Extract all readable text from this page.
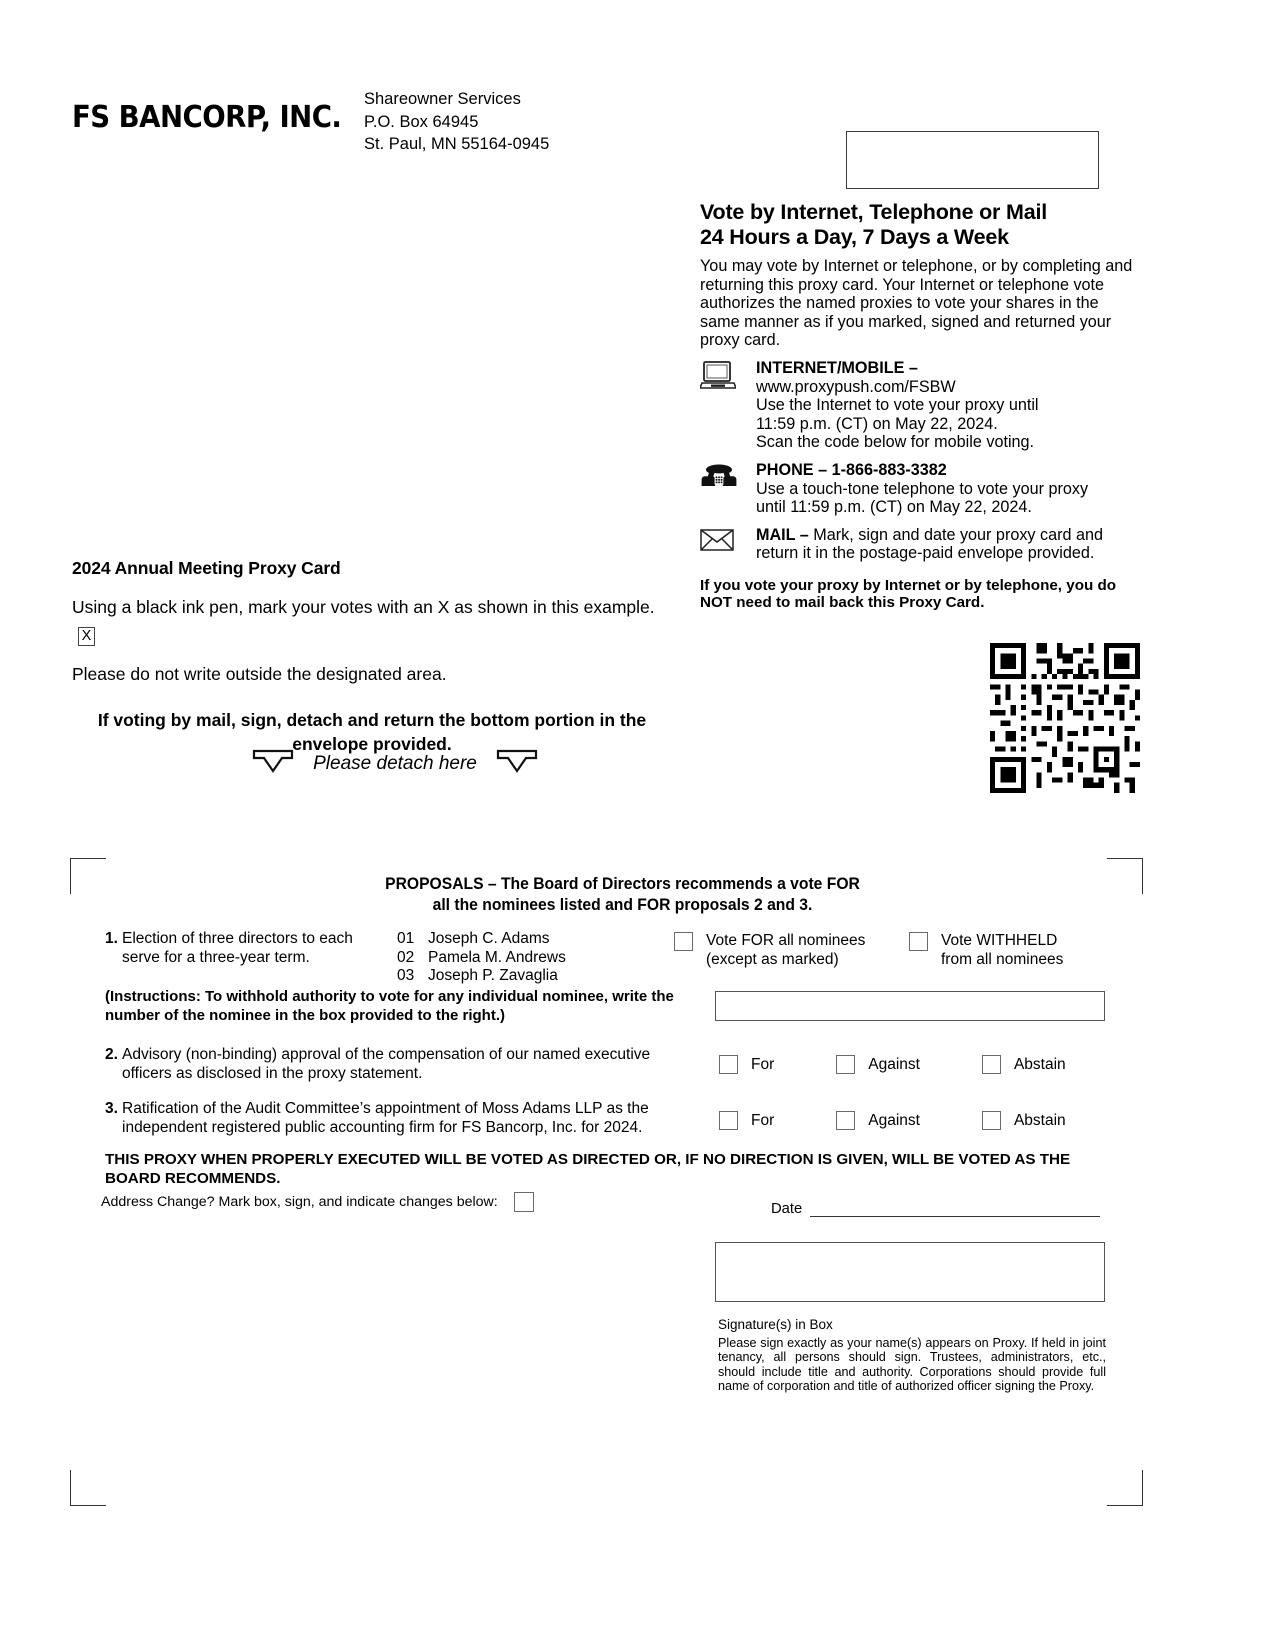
FS BANCORP, INC.
Shareowner Services
P.O. Box 64945
St. Paul, MN 55164-0945
Vote by Internet, Telephone or Mail
24 Hours a Day, 7 Days a Week
You may vote by Internet or telephone, or by completing and returning this proxy card. Your Internet or telephone vote authorizes the named proxies to vote your shares in the same manner as if you marked, signed and returned your proxy card.
INTERNET/MOBILE –
www.proxypush.com/FSBW
Use the Internet to vote your proxy until
11:59 p.m. (CT) on May 22, 2024.
Scan the code below for mobile voting.
PHONE – 1-866-883-3382
Use a touch-tone telephone to vote your proxy
until 11:59 p.m. (CT) on May 22, 2024.
MAIL – Mark, sign and date your proxy card and return it in the postage-paid envelope provided.
If you vote your proxy by Internet or by telephone, you do NOT need to mail back this Proxy Card.
2024 Annual Meeting Proxy Card

Using a black ink pen, mark your votes with an X as shown in this example.X

Please do not write outside the designated area.

If voting by mail, sign, detach and return the bottom portion in the envelope provided.

Please detach here
PROPOSALS – The Board of Directors recommends a vote FOR
all the nominees listed and FOR proposals 2 and 3.
1. Election of three directors to each serve for a three-year term.
01 Joseph C. Adams
02 Pamela M. Andrews
03 Joseph P. Zavaglia
Vote FOR all nominees
(except as marked)
Vote WITHHELD
from all nominees
(Instructions: To withhold authority to vote for any individual nominee, write the number of the nominee in the box provided to the right.)
2. Advisory (non-binding) approval of the compensation of our named executive officers as disclosed in the proxy statement.
For	Against	Abstain
3. Ratification of the Audit Committee’s appointment of Moss Adams LLP as the independent registered public accounting firm for FS Bancorp, Inc. for 2024.	For	Against	Abstain
THIS PROXY WHEN PROPERLY EXECUTED WILL BE VOTED AS DIRECTED OR, IF NO DIRECTION IS GIVEN, WILL BE VOTED AS THE BOARD RECOMMENDS.
Address Change? Mark box, sign, and indicate changes below:	Date
Signature(s) in Box
Please sign exactly as your name(s) appears on Proxy. If held in joint tenancy, all persons should sign. Trustees, administrators, etc., should include title and authority. Corporations should provide full name of corporation and title of authorized officer signing the Proxy.
